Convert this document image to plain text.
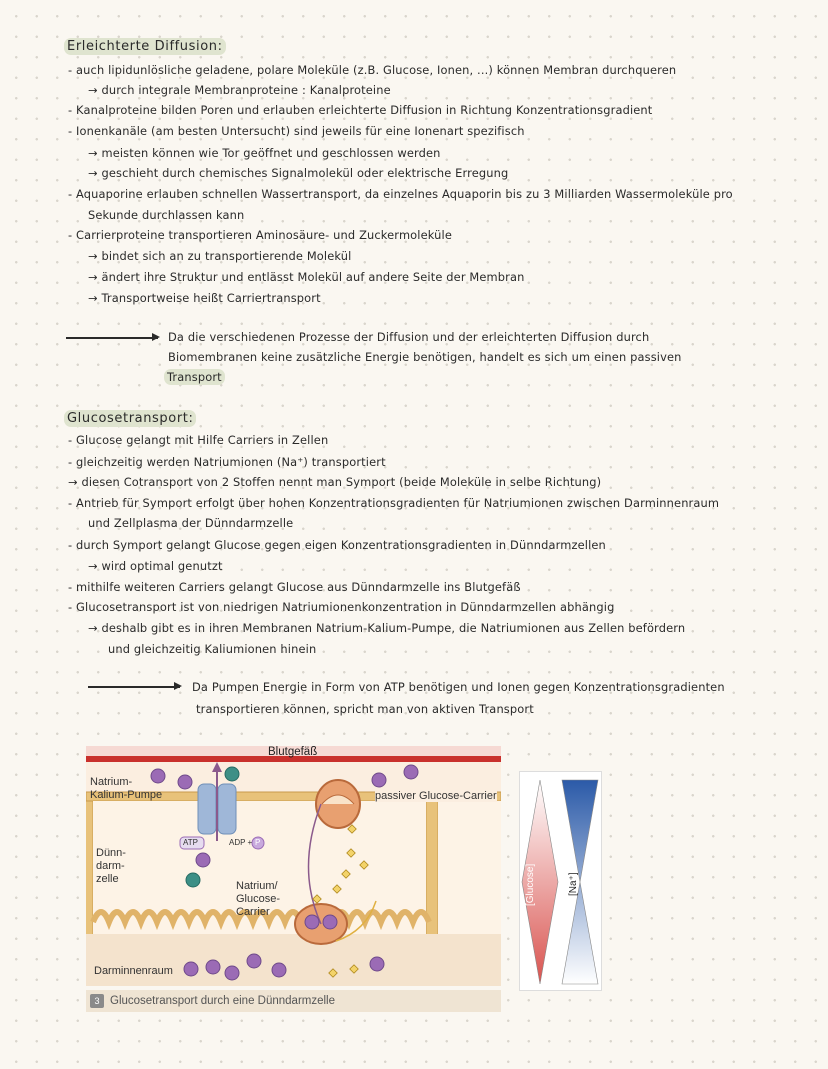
Erleichterte Diffusion:
- auch lipidunlösliche geladene, polare Moleküle (z.B. Glucose, Ionen, ...) können Membran durchqueren
→ durch integrale Membranproteine : Kanalproteine
- Kanalproteine bilden Poren und erlauben erleichterte Diffusion in Richtung Konzentrationsgradient
- Ionenkanäle (am besten Untersucht) sind jeweils für eine Ionenart spezifisch
→ meisten können wie Tor geöffnet und geschlossen werden
→ geschieht durch chemisches Signalmolekül oder elektrische Erregung
- Aquaporine erlauben schnellen Wassertransport, da einzelnes Aquaporin bis zu 3 Milliarden Wassermoleküle pro
Sekunde durchlassen kann
- Carrierproteine transportieren Aminosäure- und Zuckermoleküle
→ bindet sich an zu transportierende Molekül
→ ändert ihre Struktur und entlässt Molekül auf andere Seite der Membran
→ Transportweise heißt Carriertransport
Da die verschiedenen Prozesse der Diffusion und der erleichterten Diffusion durch
Biomembranen keine zusätzliche Energie benötigen, handelt es sich um einen passiven
Transport
Glucosetransport:
- Glucose gelangt mit Hilfe Carriers in Zellen
- gleichzeitig werden Natriumionen (Na⁺) transportiert
→ diesen Cotransport von 2 Stoffen nennt man Symport (beide Moleküle in selbe Richtung)
- Antrieb für Symport erfolgt über hohen Konzentrationsgradienten für Natriumionen zwischen Darminnenraum
und Zellplasma der Dünndarmzelle
- durch Symport gelangt Glucose gegen eigen Konzentrationsgradienten in Dünndarmzellen
→ wird optimal genutzt
- mithilfe weiteren Carriers gelangt Glucose aus Dünndarmzelle ins Blutgefäß
- Glucosetransport ist von niedrigen Natriumionenkonzentration in Dünndarmzellen abhängig
→ deshalb gibt es in ihren Membranen Natrium-Kalium-Pumpe, die Natriumionen aus Zellen befördern
und gleichzeitig Kaliumionen hinein
Da Pumpen Energie in Form von ATP benötigen und Ionen gegen Konzentrationsgradienten
transportieren können, spricht man von aktiven Transport
Blutgefäß
Natrium-
Kalium-Pumpe	passiver Glucose-Carrier
Dünn-
darm-
zelle
Natrium/
Glucose-
Carrier
Darminnenraum
ATP	ADP + P
3 Glucosetransport durch eine Dünndarmzelle
[Glucose]	[Na⁺]
